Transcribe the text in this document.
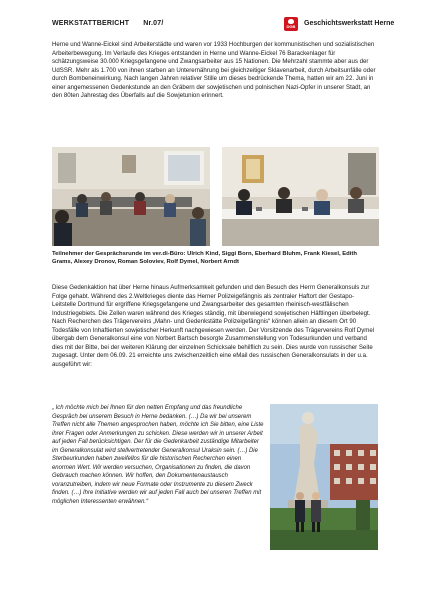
WERKSTATTBERICHT Nr.07/	DGB	Geschichtswerkstatt Herne

Herne und Wanne-Eickel sind Arbeiterstädte und waren vor 1933 Hochburgen der kommunistischen und sozialistischen Arbeiterbewegung. Im Verlaufe des Krieges entstanden in Herne und Wanne-Eickel 76 Barackenlager für schätzungsweise 30.000 Kriegsgefangene und Zwangsarbeiter aus 15 Nationen. Die Mehrzahl stammte aber aus der UdSSR. Mehr als 1.700 von ihnen starben an Unterernährung bei gleichzeitiger Sklavenarbeit, durch Arbeitsunfälle oder durch Bombeneinwirkung. Nach langen Jahren relativer Stille um dieses bedrückende Thema, hatten wir am 22. Juni in einer angemessenen Gedenkstunde an den Gräbern der sowjetischen und polnischen Nazi-Opfer in unserer Stadt, an den 80ten Jahrestag des Überfalls auf die Sowjetunion erinnert.

Teilnehmer der Gesprächsrunde im ver.di-Büro: Ulrich Kind, Siggi Born, Eberhard Bluhm, Frank Kiesel, Edith Grams, Alexey Dronov, Roman Soloviev, Rolf Dymel, Norbert Arndt

Diese Gedenkaktion hat über Herne hinaus Aufmerksamkeit gefunden und den Besuch des Herrn Generalkonsuls zur Folge gehabt. Während des 2.Weltkrieges diente das Herner Polizeigefängnis als zentraler Haftort der Gestapo-Leitstelle Dortmund für ergriffene Kriegsgefangene und Zwangsarbeiter des gesamten rheinisch-westfälischen Industriegebiets. Die Zellen waren während des Krieges ständig, mit überwiegend sowjetischen Häftlingen überbelegt. Nach Recherchen des Trägervereins „Mahn- und Gedenkstätte Polizeigefängnis“ können allein an diesem Ort 90 Todesfälle von Inhaftierten sowjetischer Herkunft nachgewiesen werden. Der Vorsitzende des Trägervereins Rolf Dymel übergab dem Generalkonsul eine von Norbert Bartsch besorgte Zusammenstellung von Todesurkunden und verband dies mit der Bitte, bei der weiteren Klärung der einzelnen Schicksale behilflich zu sein. Dies wurde von russischer Seite zugesagt. Unter dem 06.09. 21 erreichte uns zwischenzeitlich eine eMail des russischen Generalkonsulats in der u.a. ausgeführt wir:

„ Ich möchte mich bei Ihnen für den netten Empfang und das freundliche Gespräch bei unserem Besuch in Herne bedanken. (…) Da wir bei unserem Treffen nicht alle Themen angesprochen haben, möchte ich Sie bitten, eine Liste ihrer Fragen oder Anmerkungen zu schicken. Diese werden wir in unserer Arbeit auf jeden Fall berücksichtigen. Der für die Gedenkarbeit zuständige Mitarbeiter im Generalkonsulat wird stellvertretender Generalkonsul Uraksin sein. (…) Die Sterbeurkunden haben zweifellos für die historischen Recherchen einen enormen Wert. Wir werden versuchen, Organisationen zu finden, die davon Gebrauch machen können. Wir hoffen, den Dokumentenaustausch voranzutreiben, indem wir neue Formate oder Instrumente zu diesem Zweck finden. (…) Ihre Initiative werden wir auf jeden Fall auch bei unseren Treffen mit möglichen Interessenten erwähnen.“
